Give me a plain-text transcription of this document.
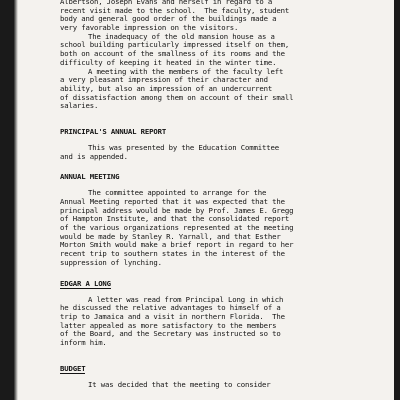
Albertson, Joseph Evans and herself in regard to a
recent visit made to the school.  The faculty, student
body and general good order of the buildings made a
very favorable impression on the visitors.
The inadequacy of the old mansion house as a
school building particularly impressed itself on them,
both on account of the smallness of its rooms and the
difficulty of keeping it heated in the winter time.
A meeting with the members of the faculty left
a very pleasant impression of their character and
ability, but also an impression of an undercurrent
of dissatisfaction among them on account of their small
salaries.
PRINCIPAL'S ANNUAL REPORT
This was presented by the Education Committee
and is appended.
ANNUAL MEETING
The committee appointed to arrange for the
Annual Meeting reported that it was expected that the
principal address would be made by Prof. James E. Gregg
of Hampton Institute, and that the consolidated report
of the various organizations represented at the meeting
would be made by Stanley R. Yarnall, and that Esther
Morton Smith would make a brief report in regard to her
recent trip to southern states in the interest of the
suppression of lynching.
EDGAR A LONG
A letter was read from Principal Long in which
he discussed the relative advantages to himself of a
trip to Jamaica and a visit in northern Florida.  The
latter appealed as more satisfactory to the members
of the Board, and the Secretary was instructed so to
inform him.
BUDGET
It was decided that the meeting to consider
